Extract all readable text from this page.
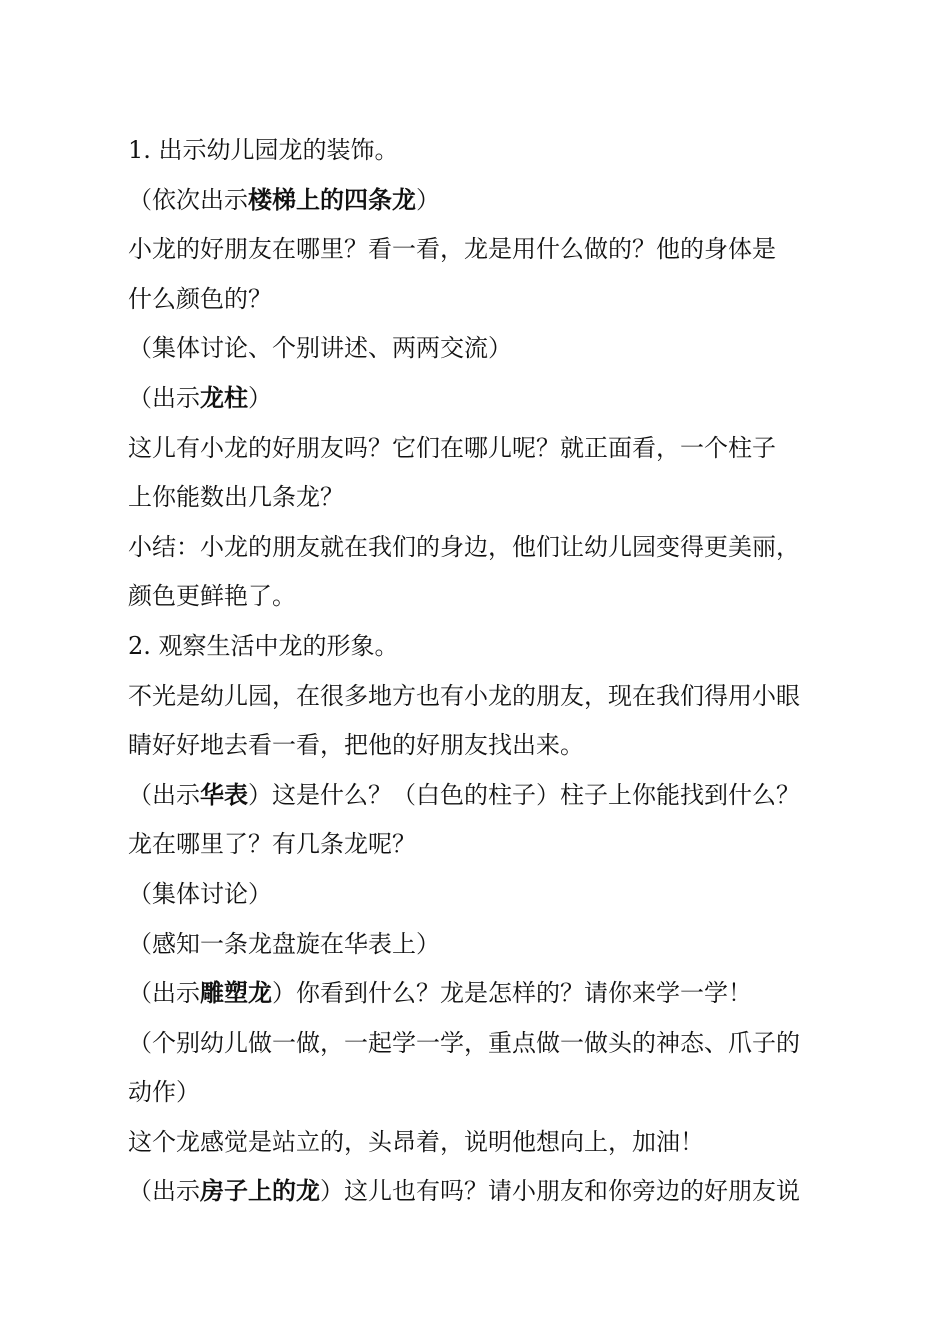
1. 出示幼儿园龙的装饰。
（依次出示楼梯上的四条龙）
小龙的好朋友在哪里？看一看，龙是用什么做的？他的身体是
什么颜色的？
（集体讨论、个别讲述、两两交流）
（出示龙柱）
这儿有小龙的好朋友吗？它们在哪儿呢？就正面看，一个柱子
上你能数出几条龙？
小结：小龙的朋友就在我们的身边，他们让幼儿园变得更美丽，
颜色更鲜艳了。
2. 观察生活中龙的形象。
不光是幼儿园，在很多地方也有小龙的朋友，现在我们得用小眼
睛好好地去看一看，把他的好朋友找出来。
（出示华表）这是什么？（白色的柱子）柱子上你能找到什么？
龙在哪里了？有几条龙呢？
（集体讨论）
（感知一条龙盘旋在华表上）
（出示雕塑龙）你看到什么？龙是怎样的？请你来学一学！
（个别幼儿做一做，一起学一学，重点做一做头的神态、爪子的
动作）
这个龙感觉是站立的，头昂着，说明他想向上，加油！
（出示房子上的龙）这儿也有吗？请小朋友和你旁边的好朋友说
